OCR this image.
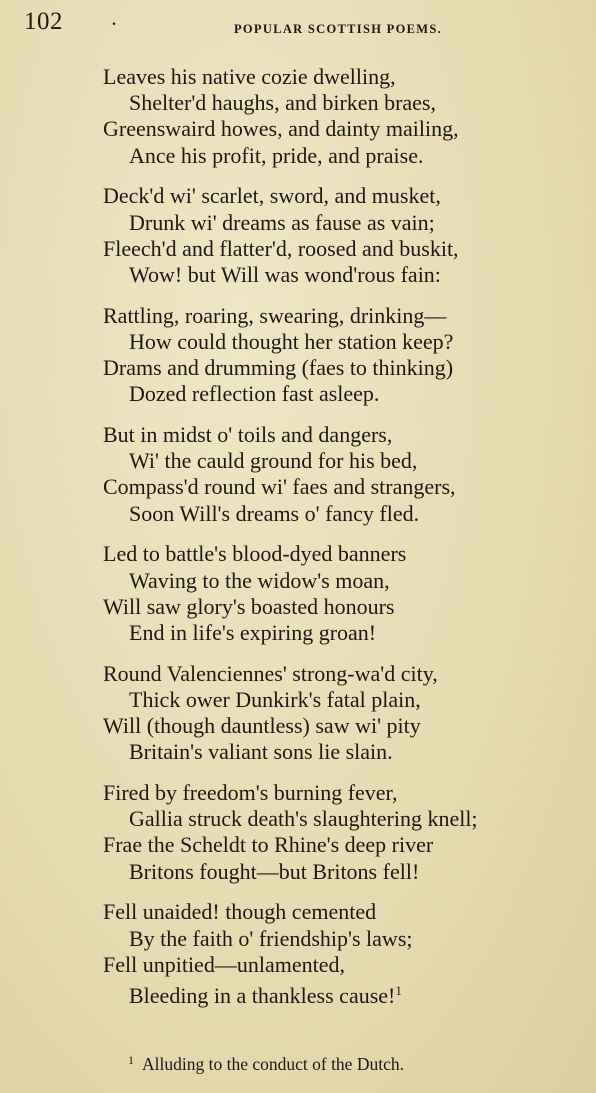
102	.	POPULAR SCOTTISH POEMS.
Leaves his native cozie dwelling,
Shelter'd haughs, and birken braes,
Greenswaird howes, and dainty mailing,
Ance his profit, pride, and praise.
Deck'd wi' scarlet, sword, and musket,
Drunk wi' dreams as fause as vain;
Fleech'd and flatter'd, roosed and buskit,
Wow! but Will was wond'rous fain:
Rattling, roaring, swearing, drinking—
How could thought her station keep?
Drams and drumming (faes to thinking)
Dozed reflection fast asleep.
But in midst o' toils and dangers,
Wi' the cauld ground for his bed,
Compass'd round wi' faes and strangers,
Soon Will's dreams o' fancy fled.
Led to battle's blood-dyed banners
Waving to the widow's moan,
Will saw glory's boasted honours
End in life's expiring groan!
Round Valenciennes' strong-wa'd city,
Thick ower Dunkirk's fatal plain,
Will (though dauntless) saw wi' pity
Britain's valiant sons lie slain.
Fired by freedom's burning fever,
Gallia struck death's slaughtering knell;
Frae the Scheldt to Rhine's deep river
Britons fought—but Britons fell!
Fell unaided! though cemented
By the faith o' friendship's laws;
Fell unpitied—unlamented,
Bleeding in a thankless cause!$^1$
$^1$ Alluding to the conduct of the Dutch.
